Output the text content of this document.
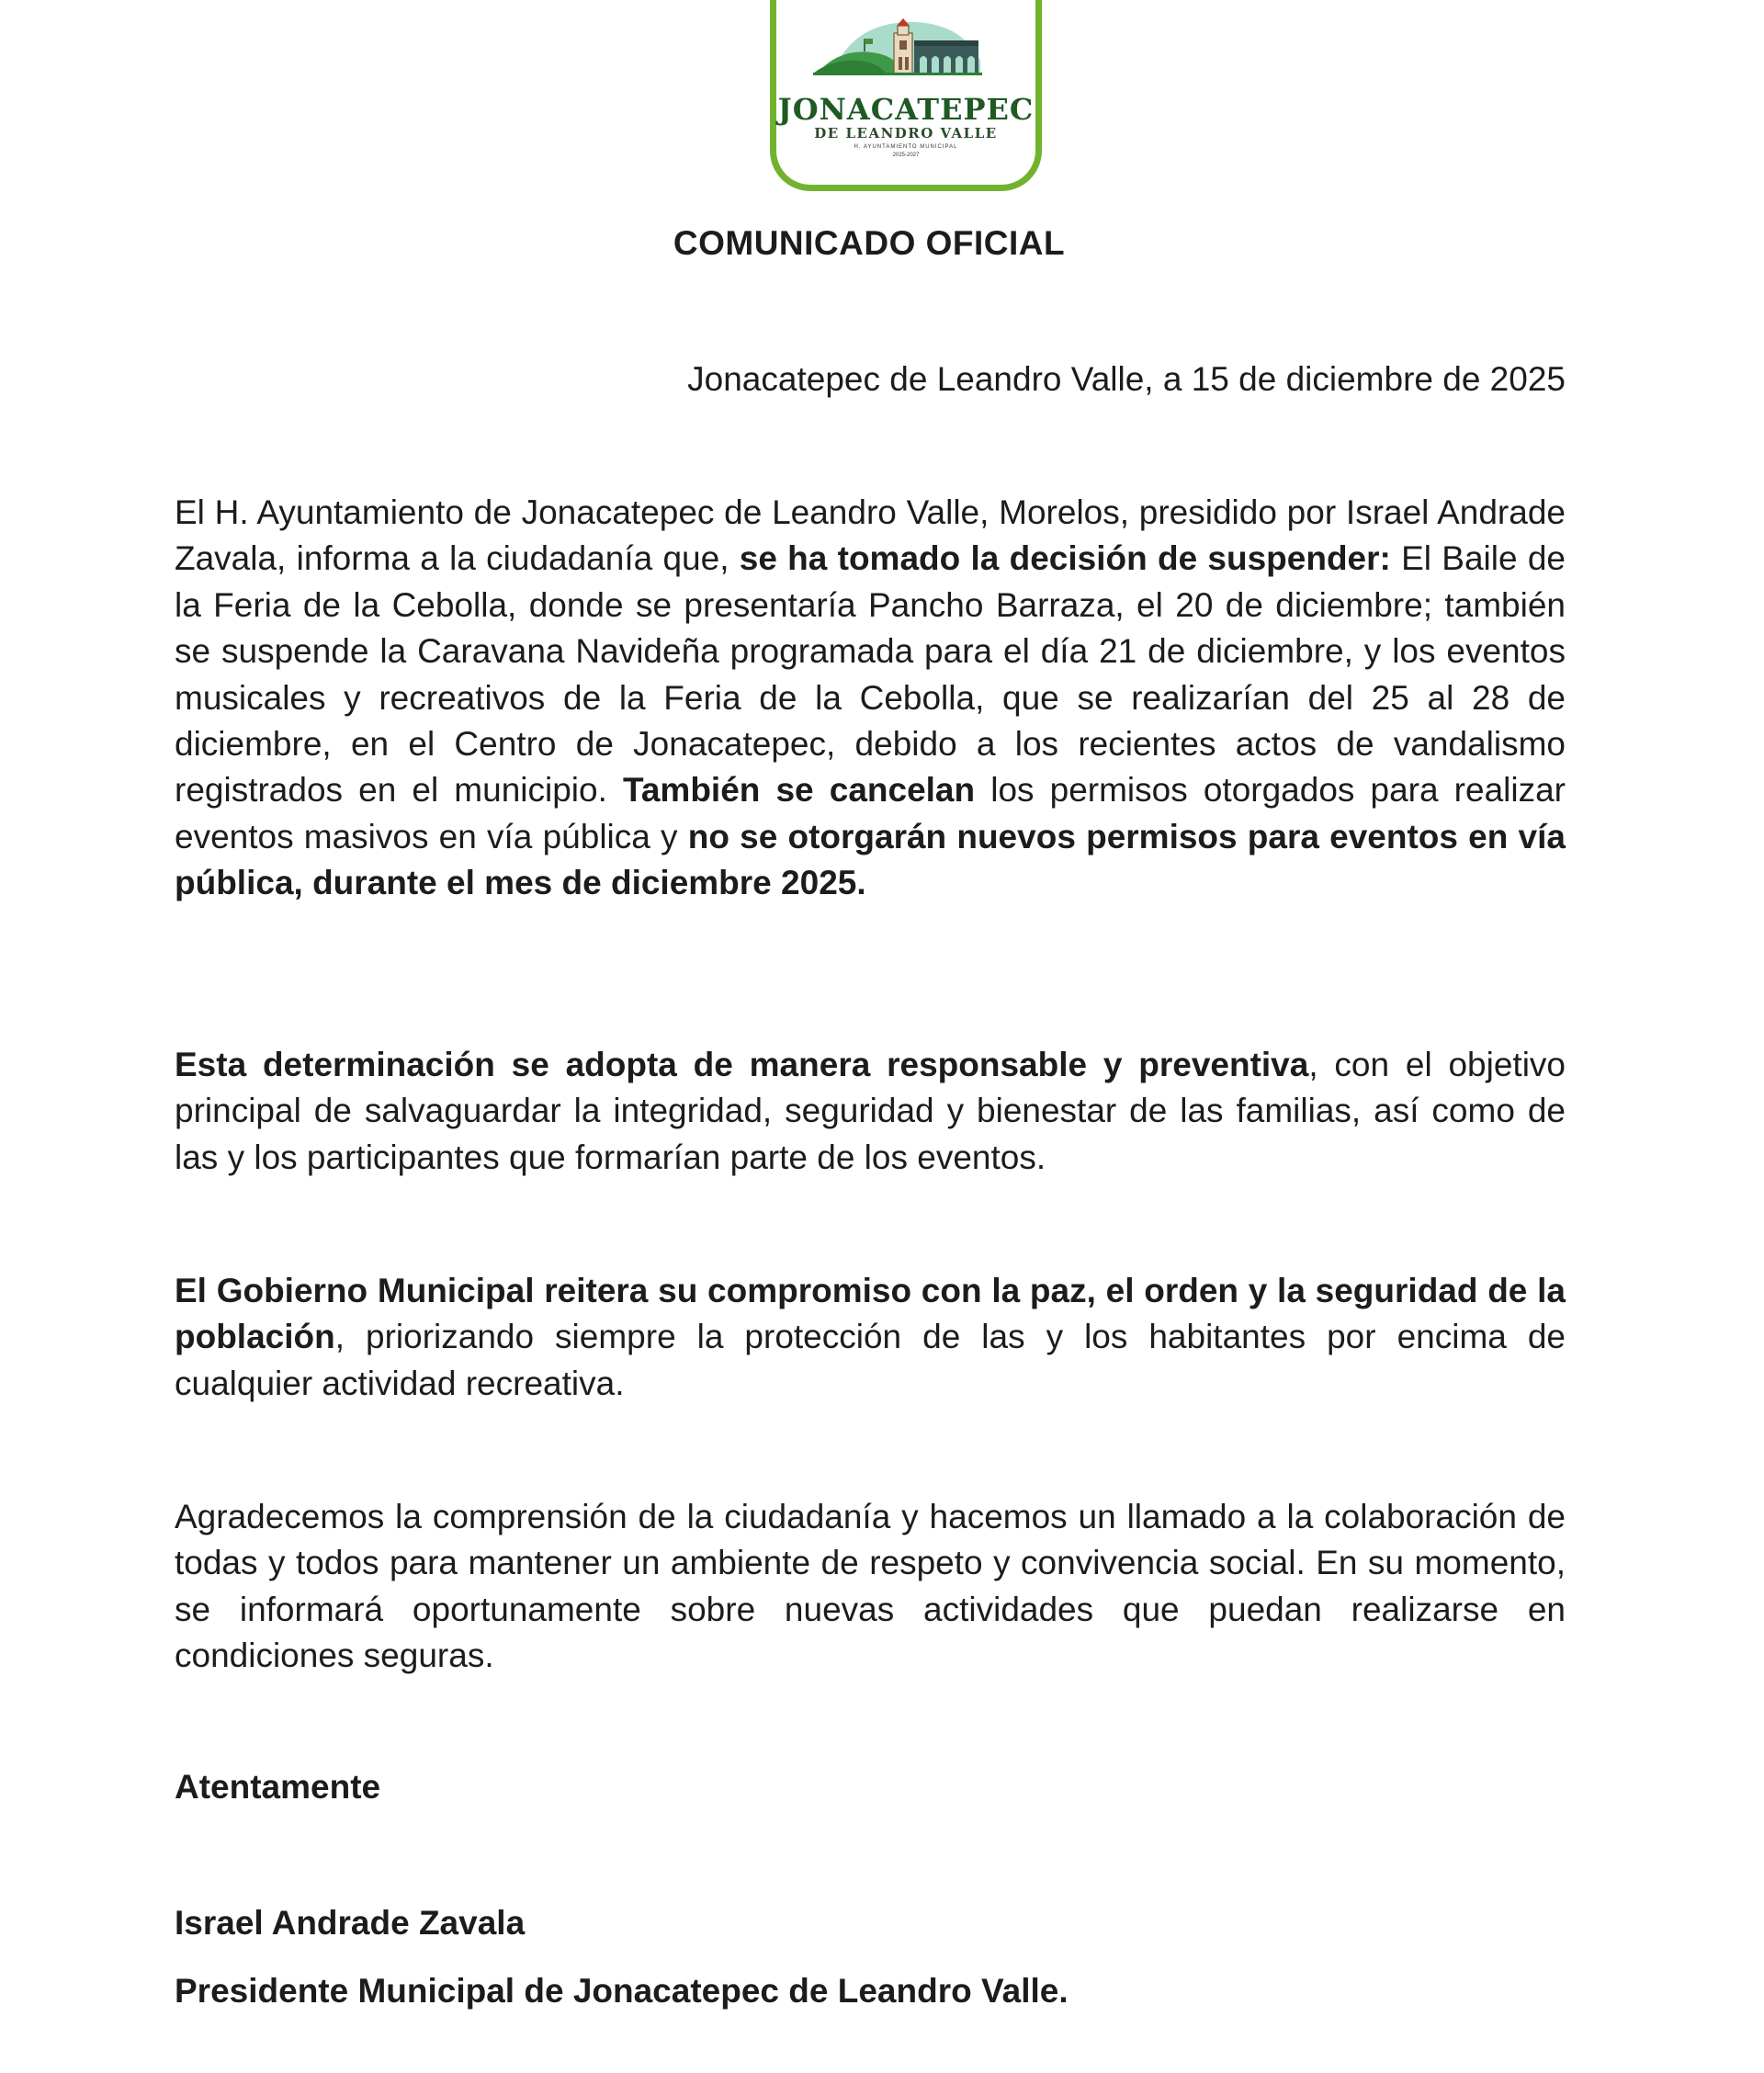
JONACATEPEC
DE LEANDRO VALLE
H. AYUNTAMIENTO MUNICIPAL
2025-2027
COMUNICADO OFICIAL
Jonacatepec de Leandro Valle, a 15 de diciembre de 2025

El H. Ayuntamiento de Jonacatepec de Leandro Valle, Morelos, presidido por Israel Andrade Zavala, informa a la ciudadanía que, se ha tomado la decisión de suspender: El Baile de la Feria de la Cebolla, donde se presentaría Pancho Barraza, el 20 de diciembre; también se suspende la Caravana Navideña programada para el día 21 de diciembre, y los eventos musicales y recreativos de la Feria de la Cebolla, que se realizarían del 25 al 28 de diciembre, en el Centro de Jonacatepec, debido a los recientes actos de vandalismo registrados en el municipio. También se cancelan los permisos otorgados para realizar eventos masivos en vía pública y no se otorgarán nuevos permisos para eventos en vía pública, durante el mes de diciembre 2025.

Esta determinación se adopta de manera responsable y preventiva, con el objetivo principal de salvaguardar la integridad, seguridad y bienestar de las familias, así como de las y los participantes que formarían parte de los eventos.

El Gobierno Municipal reitera su compromiso con la paz, el orden y la seguridad de la población, priorizando siempre la protección de las y los habitantes por encima de cualquier actividad recreativa.

Agradecemos la comprensión de la ciudadanía y hacemos un llamado a la colaboración de todas y todos para mantener un ambiente de respeto y convivencia social. En su momento, se informará oportunamente sobre nuevas actividades que puedan realizarse en condiciones seguras.

Atentamente
Israel Andrade Zavala
Presidente Municipal de Jonacatepec de Leandro Valle.
